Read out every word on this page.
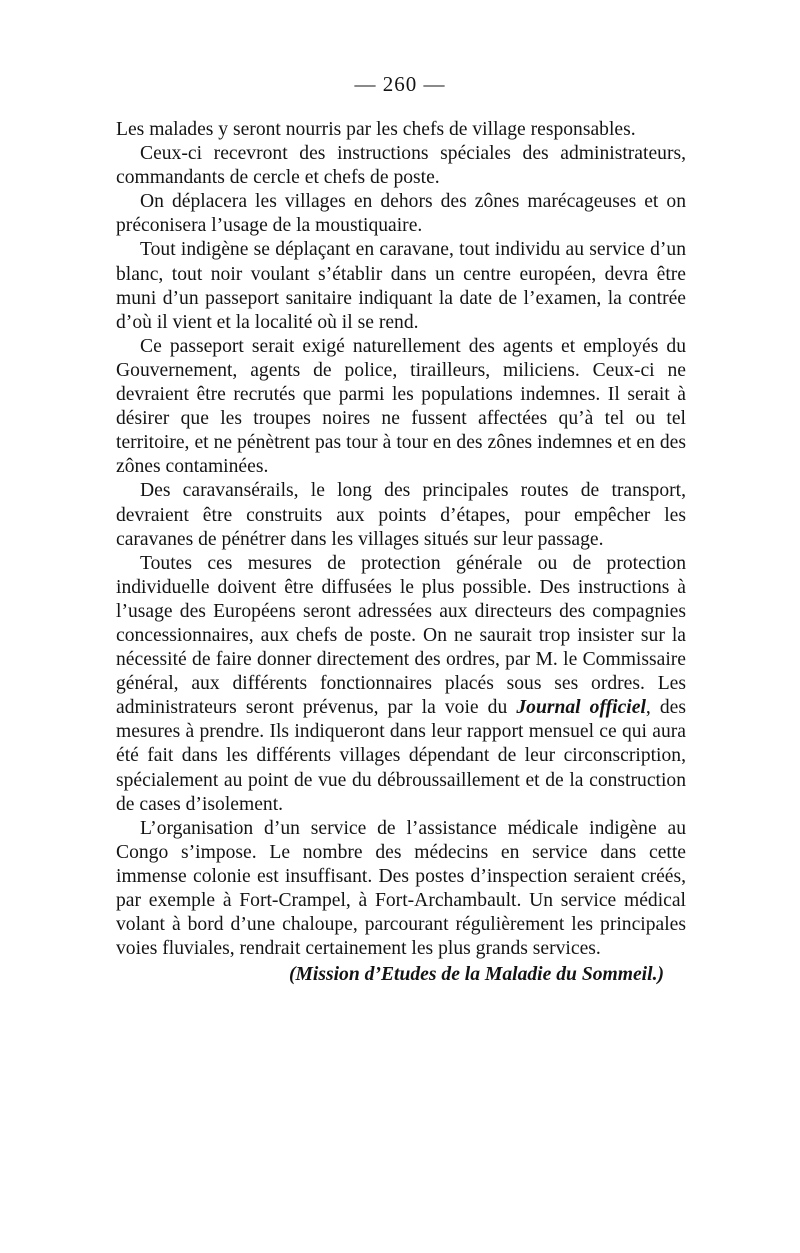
— 260 —

Les malades y seront nourris par les chefs de village responsables.

Ceux-ci recevront des instructions spéciales des administrateurs, commandants de cercle et chefs de poste.

On déplacera les villages en dehors des zônes marécageuses et on préconisera l’usage de la moustiquaire.

Tout indigène se déplaçant en caravane, tout individu au service d’un blanc, tout noir voulant s’établir dans un centre européen, devra être muni d’un passeport sanitaire indiquant la date de l’examen, la contrée d’où il vient et la localité où il se rend.

Ce passeport serait exigé naturellement des agents et employés du Gouvernement, agents de police, tirailleurs, miliciens. Ceux-ci ne devraient être recrutés que parmi les populations indemnes. Il serait à désirer que les troupes noires ne fussent affectées qu’à tel ou tel territoire, et ne pénètrent pas tour à tour en des zônes indemnes et en des zônes contaminées.

Des caravansérails, le long des principales routes de transport, devraient être construits aux points d’étapes, pour empêcher les caravanes de pénétrer dans les villages situés sur leur passage.

Toutes ces mesures de protection générale ou de protection individuelle doivent être diffusées le plus possible. Des instructions à l’usage des Européens seront adressées aux directeurs des compagnies concessionnaires, aux chefs de poste. On ne saurait trop insister sur la nécessité de faire donner directement des ordres, par M. le Commissaire général, aux différents fonctionnaires placés sous ses ordres. Les administrateurs seront prévenus, par la voie du Journal officiel, des mesures à prendre. Ils indiqueront dans leur rapport mensuel ce qui aura été fait dans les différents villages dépendant de leur circonscription, spécialement au point de vue du débroussaillement et de la construction de cases d’isolement.

L’organisation d’un service de l’assistance médicale indigène au Congo s’impose. Le nombre des médecins en service dans cette immense colonie est insuffisant. Des postes d’inspection seraient créés, par exemple à Fort-Crampel, à Fort-Archambault. Un service médical volant à bord d’une chaloupe, parcourant régulièrement les principales voies fluviales, rendrait certainement les plus grands services.

(Mission d’Etudes de la Maladie du Sommeil.)
